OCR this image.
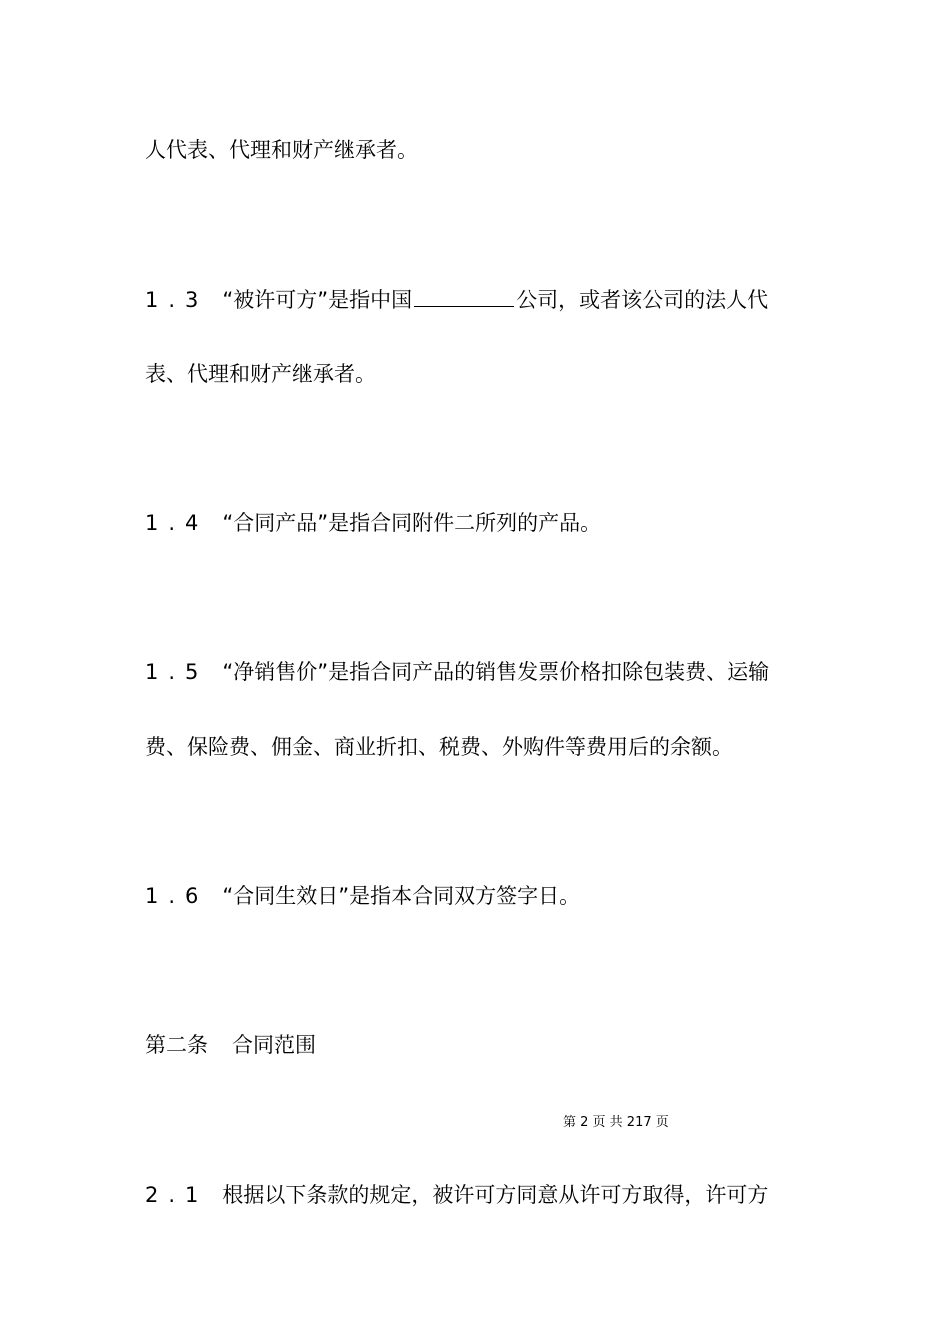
人代表、代理和财产继承者。
1.3 “被许可方”是指中国	公司，或者该公司的法人代
表、代理和财产继承者。
1.4 “合同产品”是指合同附件二所列的产品。
1.5 “净销售价”是指合同产品的销售发票价格扣除包装费、运输
费、保险费、佣金、商业折扣、税费、外购件等费用后的余额。
1.6 “合同生效日”是指本合同双方签字日。
第二条 合同范围
第 2 页 共 217 页
2.1 根据以下条款的规定，被许可方同意从许可方取得，许可方
